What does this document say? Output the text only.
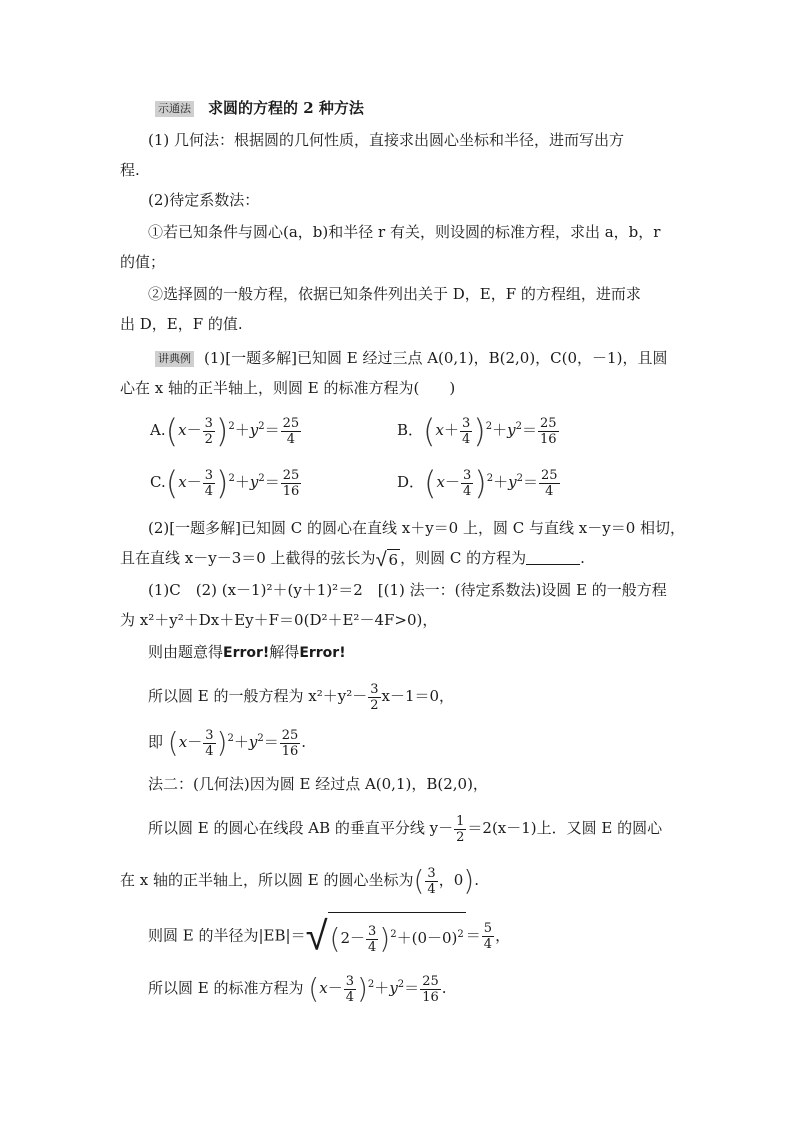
示通法 求圆的方程的 2 种方法
(1) 几何法：根据圆的几何性质，直接求出圆心坐标和半径，进而写出方
程.
(2)待定系数法：
①若已知条件与圆心(a，b)和半径 r 有关，则设圆的标准方程，求出 a，b，r
的值；
②选择圆的一般方程，依据已知条件列出关于 D，E，F 的方程组，进而求
出 D，E，F 的值.
讲典例 (1)[一题多解]已知圆 E 经过三点 A(0,1)，B(2,0)，C(0，－1)，且圆
心在 x 轴的正半轴上，则圆 E 的标准方程为(　　)
$A.(x- \frac{3}{2} )^2+y^2= \frac{25}{4}$	B．$(x+ \frac{3}{4} )^2+y^2= \frac{25}{16}$
$C.(x- \frac{3}{4} )^2+y^2= \frac{25}{16}$	D．$(x- \frac{3}{4} )^2+y^2= \frac{25}{4}$
(2)[一题多解]已知圆 C 的圆心在直线 x＋y＝0 上，圆 C 与直线 x－y＝0 相切，
且在直线 x－y－3＝0 上截得的弦长为√ 6 ，则圆 C 的方程为	.
(1)C　(2) (x－1)²＋(y＋1)²＝2　[(1) 法一：(待定系数法)设圆 E 的一般方程
为 x²＋y²＋Dx＋Ey＋F＝0(D²＋E²－4F>0)，
则由题意得Error!解得Error!
所以圆 E 的一般方程为 $x^2+y^2- \frac{3}{2} x-1=0$，
即 $(x- \frac{3}{4} )^2+y^2= \frac{25}{16}$ .
法二：(几何法)因为圆 E 经过点 A(0,1)，B(2,0)，
所以圆 E 的圆心在线段 AB 的垂直平分线 $y- \frac{1}{2} =2(x-1)$上．又圆 E 的圆心
在 x 轴的正半轴上，所以圆 E 的圆心坐标为( $\frac{3}{4}$ ，0).
则圆 E 的半径为$|EB|=√(2- \frac{3}{4} )^2+(0-0)^2 = \frac{5}{4}$ ，
所以圆 E 的标准方程为 $(x- \frac{3}{4} )^2+y^2= \frac{25}{16}$ .
